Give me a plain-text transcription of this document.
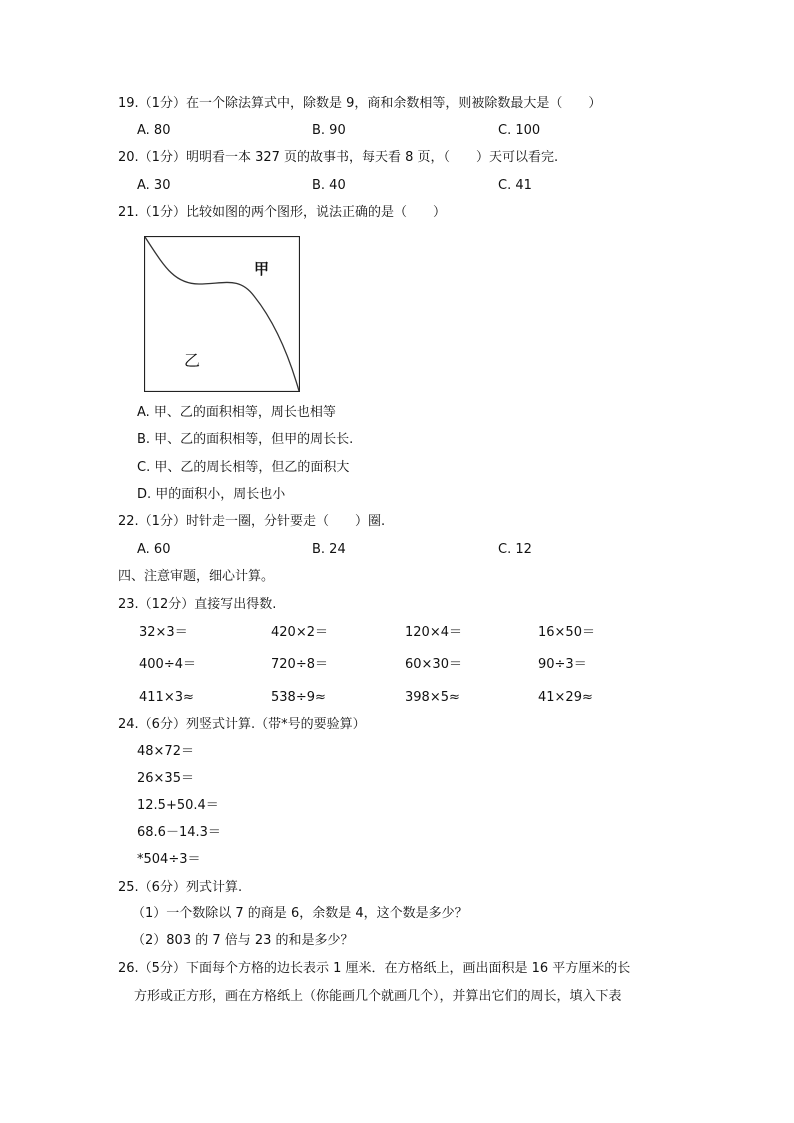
19.（1分）在一个除法算式中，除数是 9，商和余数相等，则被除数最大是（　　）
A. 80	B. 90	C. 100
20.（1分）明明看一本 327 页的故事书，每天看 8 页，（　　）天可以看完.
A. 30	B. 40	C. 41
21.（1分）比较如图的两个图形，说法正确的是（　　）
甲
乙
A. 甲、乙的面积相等，周长也相等
B. 甲、乙的面积相等，但甲的周长长.
C. 甲、乙的周长相等，但乙的面积大
D. 甲的面积小，周长也小
22.（1分）时针走一圈，分针要走（　　）圈.
A. 60	B. 24	C. 12
四、注意审题，细心计算。
23.（12分）直接写出得数.
32×3＝	420×2＝	120×4＝	16×50＝
400÷4＝	720÷8＝	60×30＝	90÷3＝
411×3≈	538÷9≈	398×5≈	41×29≈
24.（6分）列竖式计算.（带*号的要验算）
48×72＝
26×35＝
12.5+50.4＝
68.6－14.3＝
*504÷3＝
25.（6分）列式计算.
（1）一个数除以 7 的商是 6，余数是 4，这个数是多少？
（2）803 的 7 倍与 23 的和是多少？
26.（5分）下面每个方格的边长表示 1 厘米．在方格纸上，画出面积是 16 平方厘米的长
方形或正方形，画在方格纸上（你能画几个就画几个），并算出它们的周长，填入下表
